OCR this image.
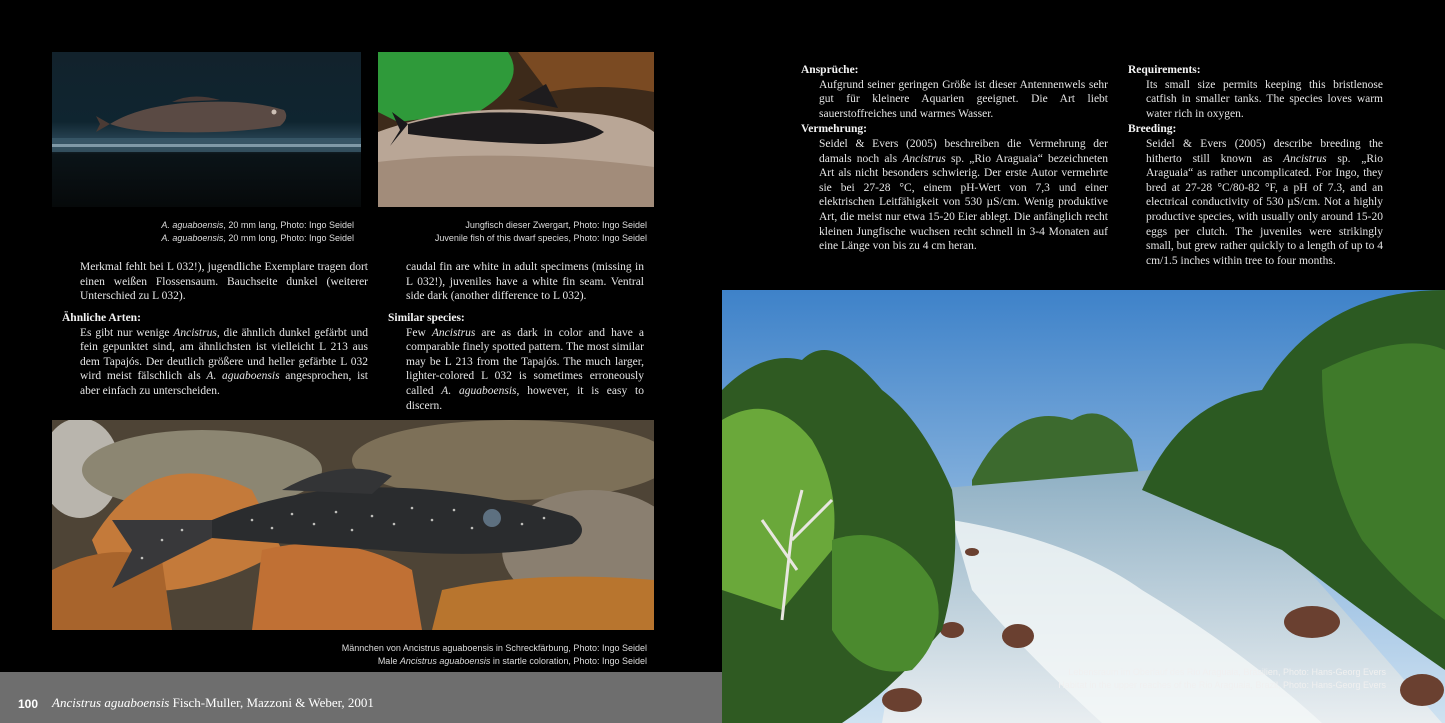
A. aguaboensis, 20 mm lang, Photo: Ingo Seidel
A. aguaboensis, 20 mm long, Photo: Ingo Seidel
Jungfisch dieser Zwergart, Photo: Ingo Seidel
Juvenile fish of this dwarf species, Photo: Ingo Seidel
Merkmal fehlt bei L 032!), jugendliche Exemplare tragen dort einen weißen Flossensaum. Bauchseite dunkel (weiterer Unterschied zu L 032).
Ähnliche Arten:
Es gibt nur wenige Ancistrus, die ähnlich dunkel gefärbt und fein gepunktet sind, am ähnlichsten ist vielleicht L 213 aus dem Tapajós. Der deutlich größere und heller gefärbte L 032 wird meist fälschlich als A. aguaboensis angesprochen, ist aber einfach zu unterscheiden.
caudal fin are white in adult specimens (missing in L 032!), juveniles have a white fin seam. Ventral side dark (another difference to L 032).
Similar species:
Few Ancistrus are as dark in color and have a comparable finely spotted pattern. The most similar may be L 213 from the Tapajós. The much larger, lighter-colored L 032 is sometimes erroneously called A. aguaboensis, however, it is easy to discern.
Männchen von Ancistrus aguaboensis in Schreckfärbung, Photo: Ingo Seidel
Male Ancistrus aguaboensis in startle coloration, Photo: Ingo Seidel
100 Ancistrus aguaboensis Fisch-Muller, Mazzoni & Weber, 2001
Ansprüche:
Aufgrund seiner geringen Größe ist dieser Antennenwels sehr gut für kleinere Aquarien geeignet. Die Art liebt sauerstoffreiches und warmes Wasser.
Vermehrung:
Seidel & Evers (2005) beschreiben die Vermehrung der damals noch als Ancistrus sp. „Rio Araguaia“ bezeichneten Art als nicht besonders schwierig. Der erste Autor vermehrte sie bei 27-28 °C, einem pH-Wert von 7,3 und einer elektrischen Leitfähigkeit von 530 µS/cm. Wenig produktive Art, die meist nur etwa 15-20 Eier ablegt. Die anfänglich recht kleinen Jungfische wuchsen recht schnell in 3-4 Monaten auf eine Länge von bis zu 4 cm heran.
Requirements:
Its small size permits keeping this bristlenose catfish in smaller tanks. The species loves warm water rich in oxygen.
Breeding:
Seidel & Evers (2005) describe breeding the hitherto still known as Ancistrus sp. „Rio Araguaia“ as rather uncomplicated. For Ingo, they bred at 27-28 °C/80-82 °F, a pH of 7.3, and an electrical conductivity of 530 µS/cm. Not a highly productive species, with usually only around 15-20 eggs per clutch. The juveniles were strikingly small, but grew rather quickly to a length of up to 4 cm/1.5 inches within tree to four months.
Lebensraum im Oberlauf des Rio Araguaia, Brasilien, Photo: Hans-Georg Evers
Habitat in the upper reaches of the Rio Araguaia, Brazil, Photo: Hans-Georg Evers
